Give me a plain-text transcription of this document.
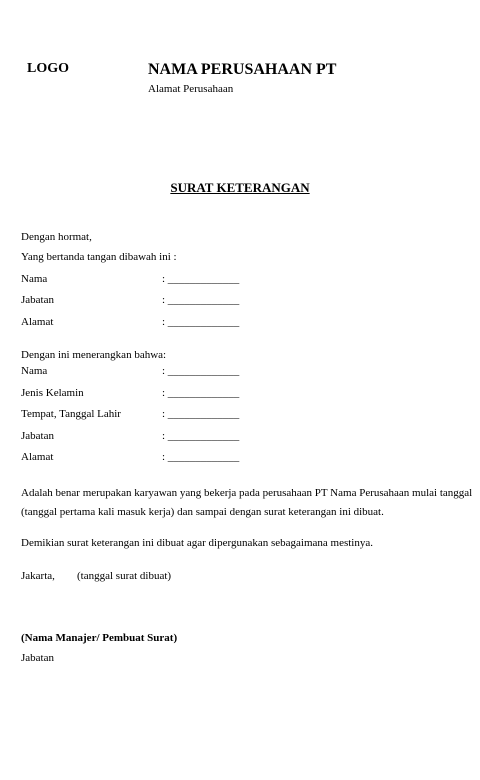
LOGO	NAMA PERUSAHAAN PT
Alamat Perusahaan
SURAT KETERANGAN
Dengan hormat,
Yang bertanda tangan dibawah ini :
Nama	: _____________
Jabatan	: _____________
Alamat	: _____________
Dengan ini menerangkan bahwa:
Nama	: _____________
Jenis Kelamin	: _____________
Tempat, Tanggal Lahir	: _____________
Jabatan	: _____________
Alamat	: _____________
Adalah benar merupakan karyawan yang bekerja pada perusahaan PT Nama Perusahaan mulai tanggal (tanggal pertama kali masuk kerja) dan sampai dengan surat keterangan ini dibuat.
Demikian surat keterangan ini dibuat agar dipergunakan sebagaimana mestinya.
Jakarta, (tanggal surat dibuat)
(Nama Manajer/ Pembuat Surat)
Jabatan
